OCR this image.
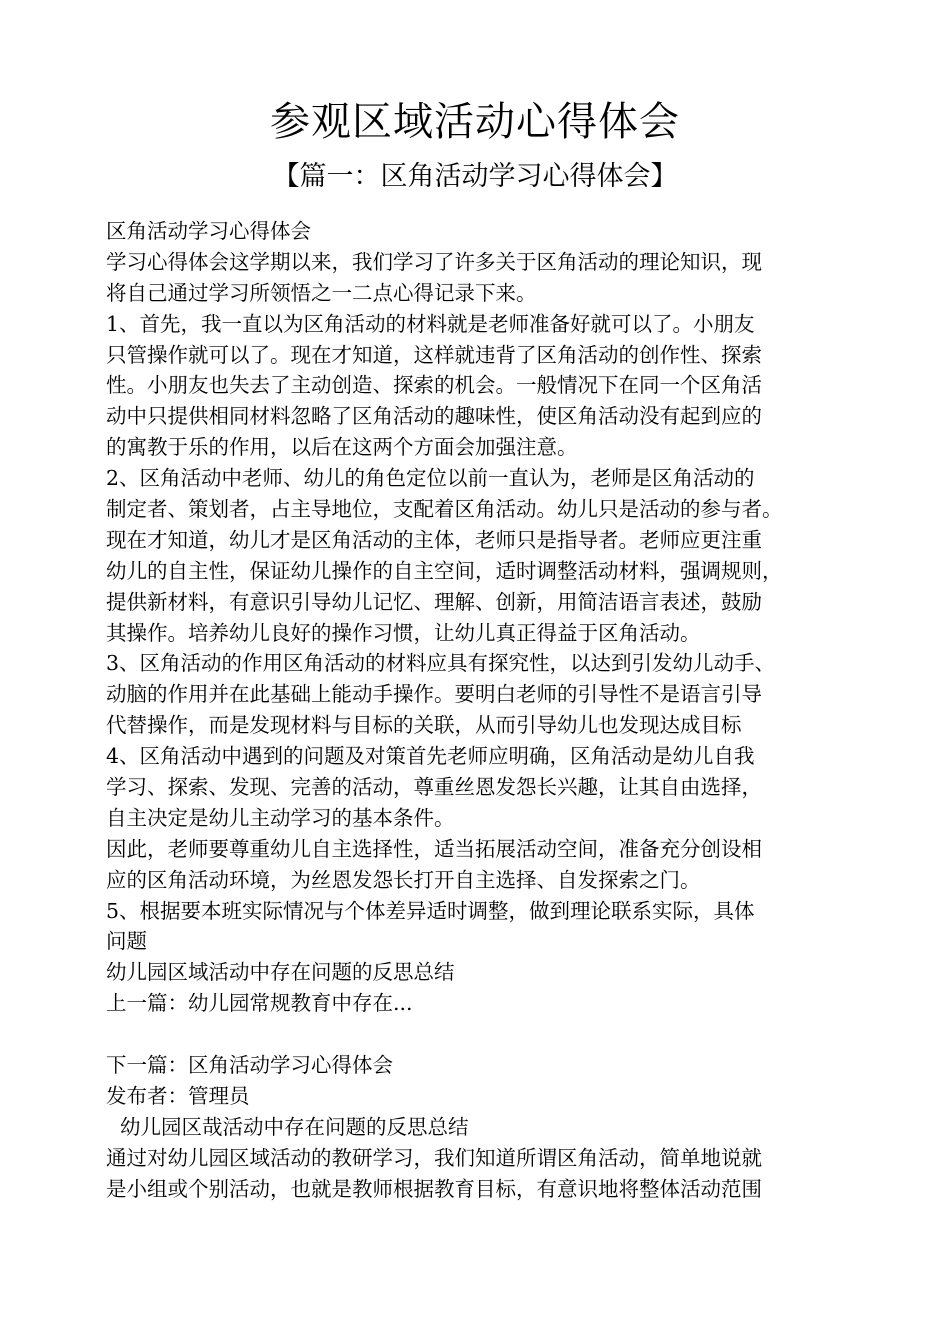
参观区域活动心得体会
【篇一：区角活动学习心得体会】
区角活动学习心得体会
学习心得体会这学期以来，我们学习了许多关于区角活动的理论知识，现
将自己通过学习所领悟之一二点心得记录下来。
1、首先，我一直以为区角活动的材料就是老师准备好就可以了。小朋友
只管操作就可以了。现在才知道，这样就违背了区角活动的创作性、探索
性。小朋友也失去了主动创造、探索的机会。一般情况下在同一个区角活
动中只提供相同材料忽略了区角活动的趣味性，使区角活动没有起到应的
的寓教于乐的作用，以后在这两个方面会加强注意。
2、区角活动中老师、幼儿的角色定位以前一直认为，老师是区角活动的
制定者、策划者，占主导地位，支配着区角活动。幼儿只是活动的参与者。
现在才知道，幼儿才是区角活动的主体，老师只是指导者。老师应更注重
幼儿的自主性，保证幼儿操作的自主空间，适时调整活动材料，强调规则，
提供新材料，有意识引导幼儿记忆、理解、创新，用简洁语言表述，鼓励
其操作。培养幼儿良好的操作习惯，让幼儿真正得益于区角活动。
3、区角活动的作用区角活动的材料应具有探究性，以达到引发幼儿动手、
动脑的作用并在此基础上能动手操作。要明白老师的引导性不是语言引导
代替操作，而是发现材料与目标的关联，从而引导幼儿也发现达成目标
4、区角活动中遇到的问题及对策首先老师应明确，区角活动是幼儿自我
学习、探索、发现、完善的活动，尊重丝恩发怨长兴趣，让其自由选择，
自主决定是幼儿主动学习的基本条件。
因此，老师要尊重幼儿自主选择性，适当拓展活动空间，准备充分创设相
应的区角活动环境，为丝恩发怨长打开自主选择、自发探索之门。
5、根据要本班实际情况与个体差异适时调整，做到理论联系实际，具体
问题
幼儿园区域活动中存在问题的反思总结
上一篇：幼儿园常规教育中存在...
下一篇：区角活动学习心得体会
发布者：管理员
幼儿园区哉活动中存在问题的反思总结
通过对幼儿园区域活动的教研学习，我们知道所谓区角活动，简单地说就
是小组或个别活动，也就是教师根据教育目标，有意识地将整体活动范围
